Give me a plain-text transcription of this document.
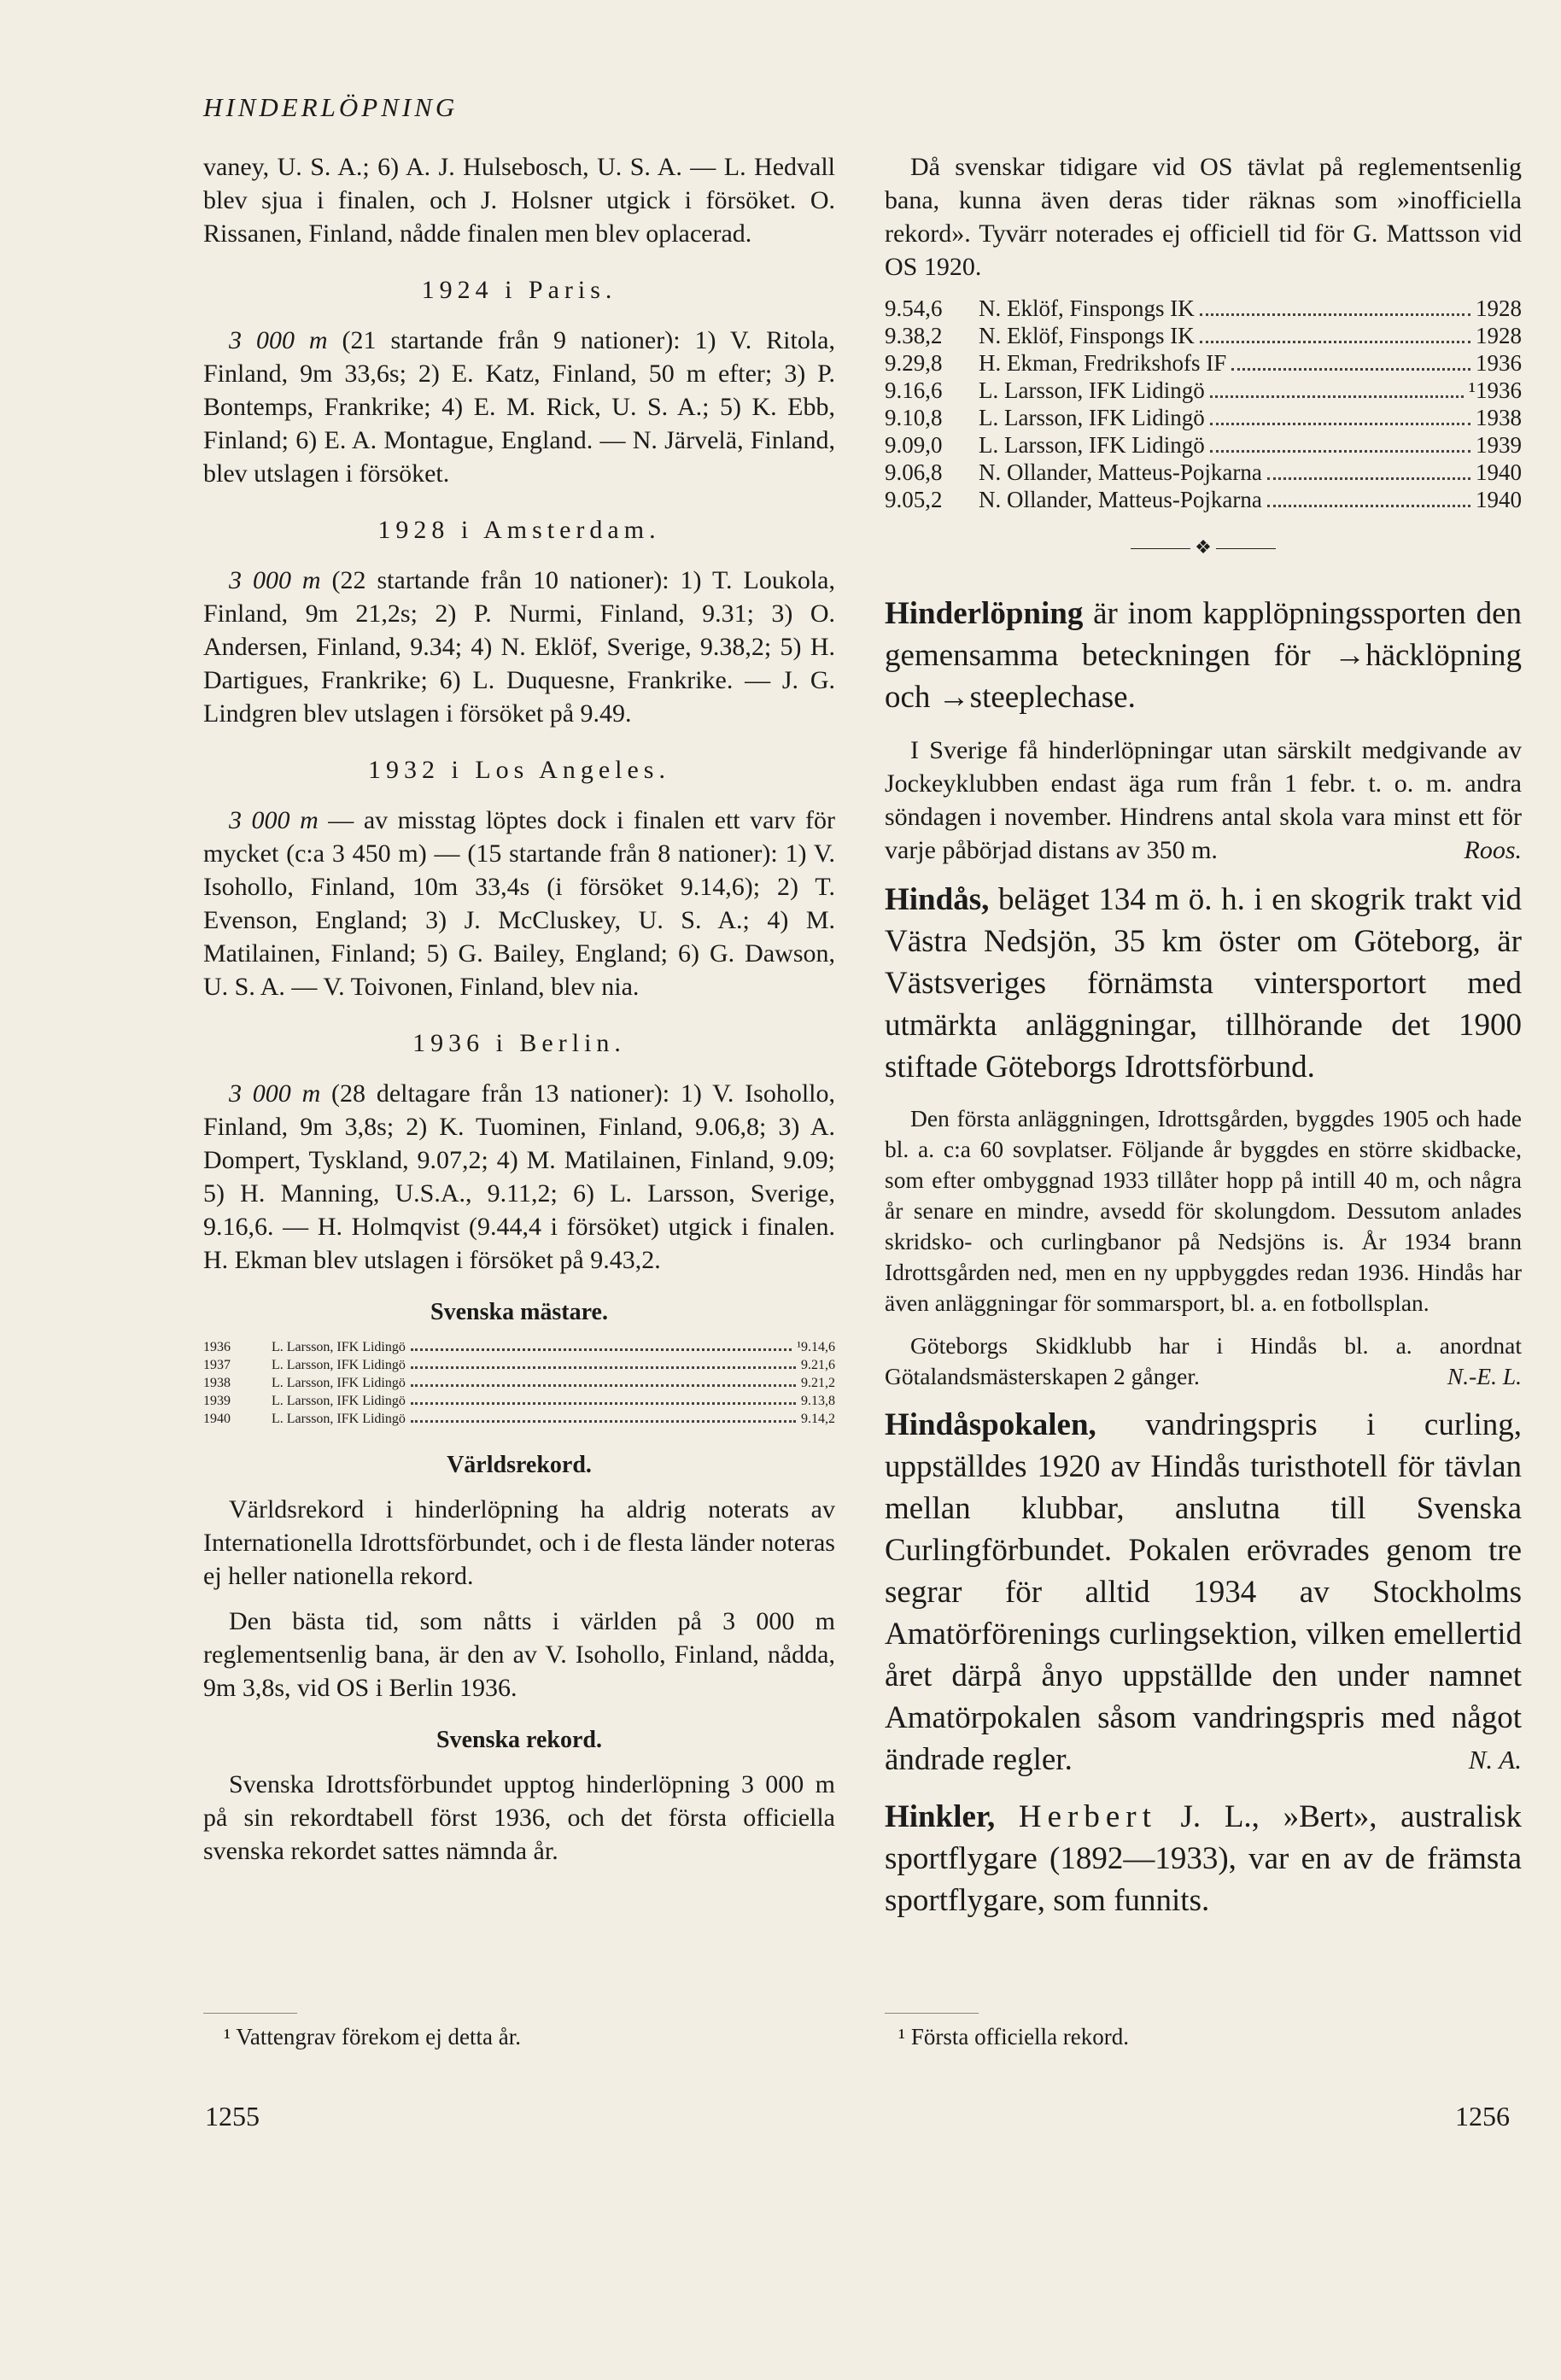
HINDERLÖPNING

vaney, U. S. A.; 6) A. J. Hulsebosch, U. S. A. — L. Hedvall blev sjua i finalen, och J. Holsner utgick i försöket. O. Rissanen, Finland, nådde finalen men blev oplacerad.

1924 i Paris.

3 000 m (21 startande från 9 nationer): 1) V. Ritola, Finland, 9m 33,6s; 2) E. Katz, Finland, 50 m efter; 3) P. Bontemps, Frankrike; 4) E. M. Rick, U. S. A.; 5) K. Ebb, Finland; 6) E. A. Montague, England. — N. Järvelä, Finland, blev utslagen i försöket.

1928 i Amsterdam.

3 000 m (22 startande från 10 nationer): 1) T. Loukola, Finland, 9m 21,2s; 2) P. Nurmi, Finland, 9.31; 3) O. Andersen, Finland, 9.34; 4) N. Eklöf, Sverige, 9.38,2; 5) H. Dartigues, Frankrike; 6) L. Duquesne, Frankrike. — J. G. Lindgren blev utslagen i försöket på 9.49.

1932 i Los Angeles.

3 000 m — av misstag löptes dock i finalen ett varv för mycket (c:a 3 450 m) — (15 startande från 8 nationer): 1) V. Isohollo, Finland, 10m 33,4s (i försöket 9.14,6); 2) T. Evenson, England; 3) J. McCluskey, U. S. A.; 4) M. Matilainen, Finland; 5) G. Bailey, England; 6) G. Dawson, U. S. A. — V. Toivonen, Finland, blev nia.

1936 i Berlin.

3 000 m (28 deltagare från 13 nationer): 1) V. Isohollo, Finland, 9m 3,8s; 2) K. Tuominen, Finland, 9.06,8; 3) A. Dompert, Tyskland, 9.07,2; 4) M. Matilainen, Finland, 9.09; 5) H. Manning, U.S.A., 9.11,2; 6) L. Larsson, Sverige, 9.16,6. — H. Holmqvist (9.44,4 i försöket) utgick i finalen. H. Ekman blev utslagen i försöket på 9.43,2.

Svenska mästare.
1936	L. Larsson, IFK Lidingö	¹9.14,6
1937	L. Larsson, IFK Lidingö	9.21,6
1938	L. Larsson, IFK Lidingö	9.21,2
1939	L. Larsson, IFK Lidingö	9.13,8
1940	L. Larsson, IFK Lidingö	9.14,2
Världsrekord.

Världsrekord i hinderlöpning ha aldrig noterats av Internationella Idrottsförbundet, och i de flesta länder noteras ej heller nationella rekord.

Den bästa tid, som nåtts i världen på 3 000 m reglementsenlig bana, är den av V. Isohollo, Finland, nådda, 9m 3,8s, vid OS i Berlin 1936.

Svenska rekord.

Svenska Idrottsförbundet upptog hinderlöpning 3 000 m på sin rekordtabell först 1936, och det första officiella svenska rekordet sattes nämnda år.

¹ Vattengrav förekom ej detta år.
1255

Då svenskar tidigare vid OS tävlat på reglementsenlig bana, kunna även deras tider räknas som »inofficiella rekord». Tyvärr noterades ej officiell tid för G. Mattsson vid OS 1920.

9.54,6	N. Eklöf, Finspongs IK	1928
9.38,2	N. Eklöf, Finspongs IK	1928
9.29,8	H. Ekman, Fredrikshofs IF	1936
9.16,6	L. Larsson, IFK Lidingö	¹1936
9.10,8	L. Larsson, IFK Lidingö	1938
9.09,0	L. Larsson, IFK Lidingö	1939
9.06,8	N. Ollander, Matteus-Pojkarna	1940
9.05,2	N. Ollander, Matteus-Pojkarna	1940
❖

Hinderlöpning är inom kapplöpningssporten den gemensamma beteckningen för →häcklöpning och →steeplechase.

I Sverige få hinderlöpningar utan särskilt medgivande av Jockeyklubben endast äga rum från 1 febr. t. o. m. andra söndagen i november. Hindrens antal skola vara minst ett för varje påbörjad distans av 350 m.	Roos.

Hindås, beläget 134 m ö. h. i en skogrik trakt vid Västra Nedsjön, 35 km öster om Göteborg, är Västsveriges förnämsta vintersportort med utmärkta anläggningar, tillhörande det 1900 stiftade Göteborgs Idrottsförbund.

Den första anläggningen, Idrottsgården, byggdes 1905 och hade bl. a. c:a 60 sovplatser. Följande år byggdes en större skidbacke, som efter ombyggnad 1933 tillåter hopp på intill 40 m, och några år senare en mindre, avsedd för skolungdom. Dessutom anlades skridsko- och curlingbanor på Nedsjöns is. År 1934 brann Idrottsgården ned, men en ny uppbyggdes redan 1936. Hindås har även anläggningar för sommarsport, bl. a. en fotbollsplan.

Göteborgs Skidklubb har i Hindås bl. a. anordnat Götalandsmästerskapen 2 gånger.	N.-E. L.

Hindåspokalen, vandringspris i curling, uppställdes 1920 av Hindås turisthotell för tävlan mellan klubbar, anslutna till Svenska Curlingförbundet. Pokalen erövrades genom tre segrar för alltid 1934 av Stockholms Amatörförenings curlingsektion, vilken emellertid året därpå ånyo uppställde den under namnet Amatörpokalen såsom vandringspris med något ändrade regler.	N. A.

Hinkler, Herbert J. L., »Bert», australisk sportflygare (1892—1933), var en av de främsta sportflygare, som funnits.

¹ Första officiella rekord.
1256
